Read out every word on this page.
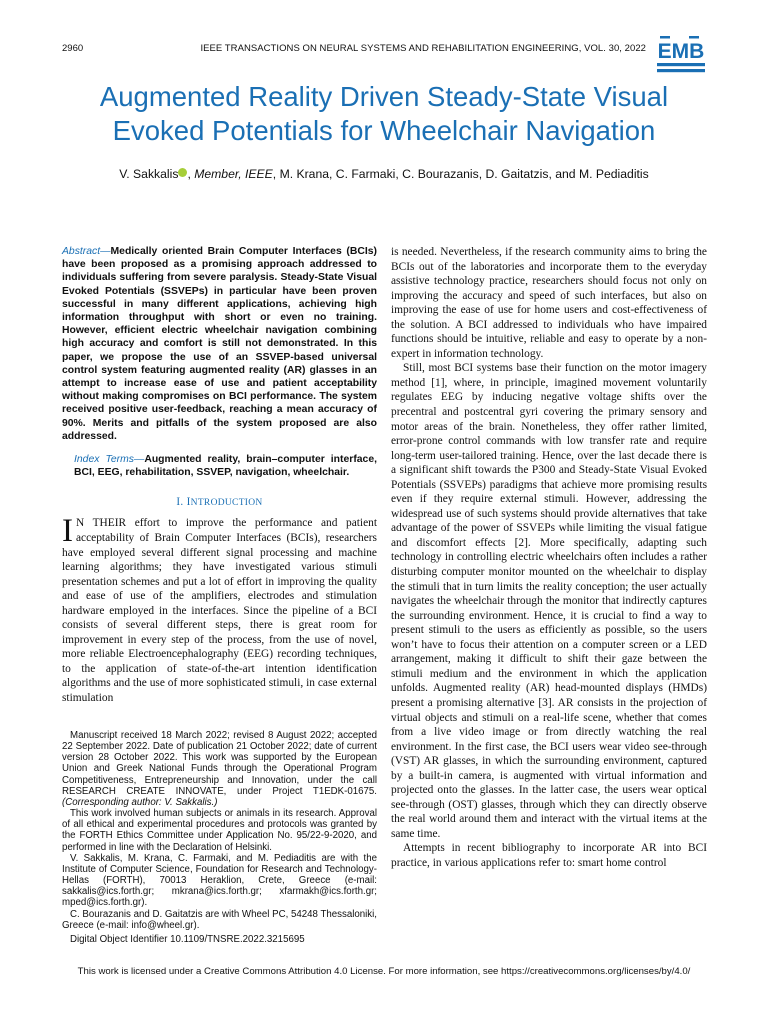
2960	IEEE TRANSACTIONS ON NEURAL SYSTEMS AND REHABILITATION ENGINEERING, VOL. 30, 2022 EMB
Augmented Reality Driven Steady-State Visual
Evoked Potentials for Wheelchair Navigation
V. Sakkalis , Member, IEEE, M. Krana, C. Farmaki, C. Bourazanis, D. Gaitatzis, and M. Pediaditis

Abstract—Medically oriented Brain Computer Interfaces (BCIs) have been proposed as a promising approach addressed to individuals suffering from severe paralysis. Steady-State Visual Evoked Potentials (SSVEPs) in particular have been proven successful in many different applications, achieving high information throughput with short or even no training. However, efficient electric wheelchair navigation combining high accuracy and comfort is still not demonstrated. In this paper, we propose the use of an SSVEP-based universal control system featuring augmented reality (AR) glasses in an attempt to increase ease of use and patient acceptability without making compromises on BCI performance. The system received positive user-feedback, reaching a mean accuracy of 90%. Merits and pitfalls of the system proposed are also addressed.

Index Terms—Augmented reality, brain–computer interface, BCI, EEG, rehabilitation, SSVEP, navigation, wheelchair.

I. INTRODUCTION

I N THEIR effort to improve the performance and patient acceptability of Brain Computer Interfaces (BCIs), researchers have employed several different signal processing and machine learning algorithms; they have investigated various stimuli presentation schemes and put a lot of effort in improving the quality and ease of use of the amplifiers, electrodes and stimulation hardware employed in the interfaces. Since the pipeline of a BCI consists of several different steps, there is great room for improvement in every step of the process, from the use of novel, more reliable Electroencephalography (EEG) recording techniques, to the application of state-of-the-art intention identification algorithms and the use of more sophisticated stimuli, in case external stimulation

Manuscript received 18 March 2022; revised 8 August 2022; accepted 22 September 2022. Date of publication 21 October 2022; date of current version 28 October 2022. This work was supported by the European Union and Greek National Funds through the Operational Program Competitiveness, Entrepreneurship and Innovation, under the call RESEARCH CREATE INNOVATE, under Project T1EDK-01675. (Corresponding author: V. Sakkalis.)

This work involved human subjects or animals in its research. Approval of all ethical and experimental procedures and protocols was granted by the FORTH Ethics Committee under Application No. 95/22-9-2020, and performed in line with the Declaration of Helsinki.

V. Sakkalis, M. Krana, C. Farmaki, and M. Pediaditis are with the Institute of Computer Science, Foundation for Research and Technology-Hellas (FORTH), 70013 Heraklion, Crete, Greece (e-mail: sakkalis@ics.forth.gr; mkrana@ics.forth.gr; xfarmakh@ics.forth.gr; mped@ics.forth.gr).

C. Bourazanis and D. Gaitatzis are with Wheel PC, 54248 Thessaloniki, Greece (e-mail: info@wheel.gr).

Digital Object Identifier 10.1109/TNSRE.2022.3215695

is needed. Nevertheless, if the research community aims to bring the BCIs out of the laboratories and incorporate them to the everyday assistive technology practice, researchers should focus not only on improving the accuracy and speed of such interfaces, but also on improving the ease of use for home users and cost-effectiveness of the solution. A BCI addressed to individuals who have impaired functions should be intuitive, reliable and easy to operate by a non-expert in information technology.

Still, most BCI systems base their function on the motor imagery method [1], where, in principle, imagined movement voluntarily regulates EEG by inducing negative voltage shifts over the precentral and postcentral gyri covering the primary sensory and motor areas of the brain. Nonetheless, they offer rather limited, error-prone control commands with low transfer rate and require long-term user-tailored training. Hence, over the last decade there is a significant shift towards the P300 and Steady-State Visual Evoked Potentials (SSVEPs) paradigms that achieve more promising results even if they require external stimuli. However, addressing the widespread use of such systems should provide alternatives that take advantage of the power of SSVEPs while limiting the visual fatigue and discomfort effects [2]. More specifically, adapting such technology in controlling electric wheelchairs often includes a rather disturbing computer monitor mounted on the wheelchair to display the stimuli that in turn limits the reality conception; the user actually navigates the wheelchair through the monitor that indirectly captures the surrounding environment. Hence, it is crucial to find a way to present stimuli to the users as efficiently as possible, so the users won’t have to focus their attention on a computer screen or a LED arrangement, making it difficult to shift their gaze between the stimuli medium and the environment in which the application unfolds. Augmented reality (AR) head-mounted displays (HMDs) present a promising alternative [3]. AR consists in the projection of virtual objects and stimuli on a real-life scene, whether that comes from a live video image or from directly watching the real environment. In the first case, the BCI users wear video see-through (VST) AR glasses, in which the surrounding environment, captured by a built-in camera, is augmented with virtual information and projected onto the glasses. In the latter case, the users wear optical see-through (OST) glasses, through which they can directly observe the real world around them and interact with the virtual items at the same time.

Attempts in recent bibliography to incorporate AR into BCI practice, in various applications refer to: smart home control

This work is licensed under a Creative Commons Attribution 4.0 License. For more information, see https://creativecommons.org/licenses/by/4.0/
